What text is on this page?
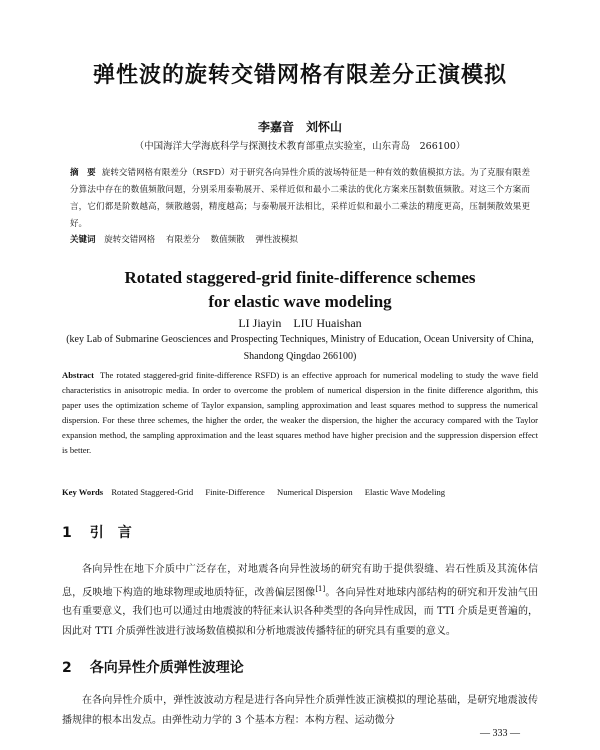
弹性波的旋转交错网格有限差分正演模拟
李嘉音　刘怀山
（中国海洋大学海底科学与探测技术教育部重点实验室，山东青岛　266100）
摘　要 旋转交错网格有限差分（RSFD）对于研究各向异性介质的波场特征是一种有效的数值模拟方法。为了克服有限差分算法中存在的数值频散问题，分别采用泰勒展开、采样近似和最小二乘法的优化方案来压制数值频散。对这三个方案而言，它们都是阶数越高，频散越弱，精度越高；与泰勒展开法相比，采样近似和最小二乘法的精度更高，压制频散效果更好。
关键词 旋转交错网格 有限差分 数值频散 弹性波模拟
Rotated staggered-grid finite-difference schemes
for elastic wave modeling
LI Jiayin　LIU Huaishan
(key Lab of Submarine Geosciences and Prospecting Techniques, Ministry of Education, Ocean University of China, Shandong Qingdao 266100)
Abstract The rotated staggered-grid finite-difference RSFD) is an effective approach for numerical modeling to study the wave field characteristics in anisotropic media. In order to overcome the problem of numerical dispersion in the finite difference algorithm, this paper uses the optimization scheme of Taylor expansion, sampling approximation and least squares method to suppress the numerical dispersion. For these three schemes, the higher the order, the weaker the dispersion, the higher the accuracy compared with the Taylor expansion method, the sampling approximation and the least squares method have higher precision and the suppression dispersion effect is better.
Key Words Rotated Staggered-Grid Finite-Difference Numerical Dispersion Elastic Wave Modeling
1 引　言
各向异性在地下介质中广泛存在，对地震各向异性波场的研究有助于提供裂缝、岩石性质及其流体信息，反映地下构造的地球物理或地质特征，改善偏层图像[1]。各向异性对地球内部结构的研究和开发油气田也有重要意义，我们也可以通过由地震波的特征来认识各种类型的各向异性成因，而 TTI 介质是更普遍的，因此对 TTI 介质弹性波进行波场数值模拟和分析地震波传播特征的研究具有重要的意义。
2 各向异性介质弹性波理论
在各向异性介质中，弹性波波动方程是进行各向异性介质弹性波正演模拟的理论基础，是研究地震波传播规律的根本出发点。由弹性动力学的 3 个基本方程：本构方程、运动微分
— 333 —
